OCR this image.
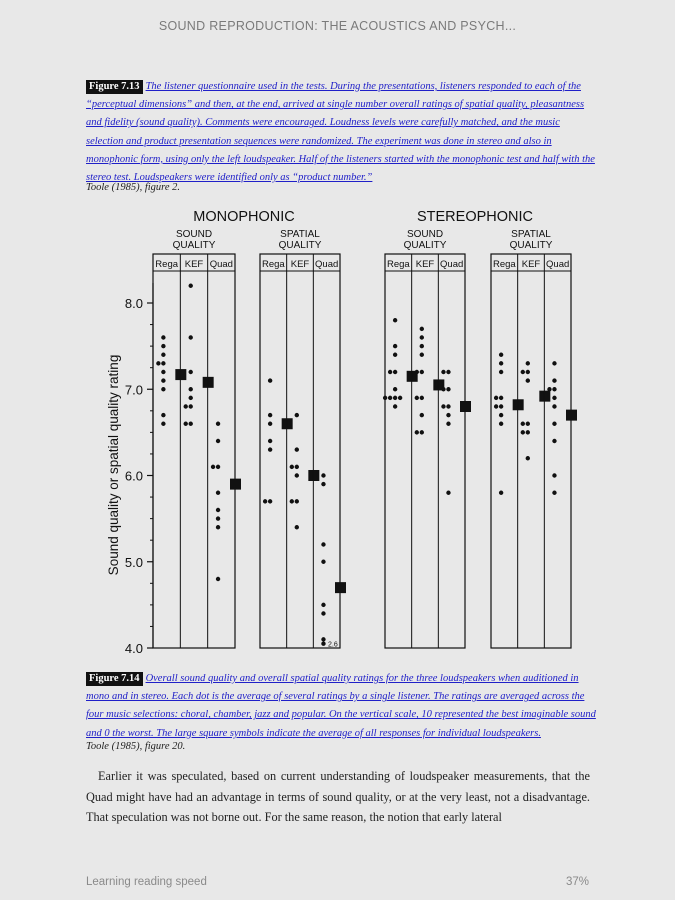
SOUND REPRODUCTION: THE ACOUSTICS AND PSYCH...
Figure 7.13 The listener questionnaire used in the tests. During the presentations, listeners responded to each of the “perceptual dimensions” and then, at the end, arrived at single number overall ratings of spatial quality, pleasantness and fidelity (sound quality). Comments were encouraged. Loudness levels were carefully matched, and the music selection and product presentation sequences were randomized. The experiment was done in stereo and also in monophonic form, using only the left loudspeaker. Half of the listeners started with the monophonic test and half with the stereo test. Loudspeakers were identified only as “product number.”
Toole (1985), figure 2.
4.0
5.0
6.0
7.0
8.0
Sound quality or spatial quality rating
MONOPHONIC
SOUND
QUALITY
Rega KEF Quad
SPATIAL
QUALITY
Rega KEF Quad
STEREOPHONIC
SOUND
QUALITY
Rega KEF Quad
SPATIAL
QUALITY
Rega KEF Quad
2.6
Figure 7.14 Overall sound quality and overall spatial quality ratings for the three loudspeakers when auditioned in mono and in stereo. Each dot is the average of several ratings by a single listener. The ratings are averaged across the four music selections: choral, chamber, jazz and popular. On the vertical scale, 10 represented the best imaginable sound and 0 the worst. The large square symbols indicate the average of all responses for individual loudspeakers.
Toole (1985), figure 20.
Earlier it was speculated, based on current understanding of loudspeaker measurements, that the Quad might have had an advantage in terms of sound quality, or at the very least, not a disadvantage. That speculation was not borne out. For the same reason, the notion that early lateral
Learning reading speed	37%
